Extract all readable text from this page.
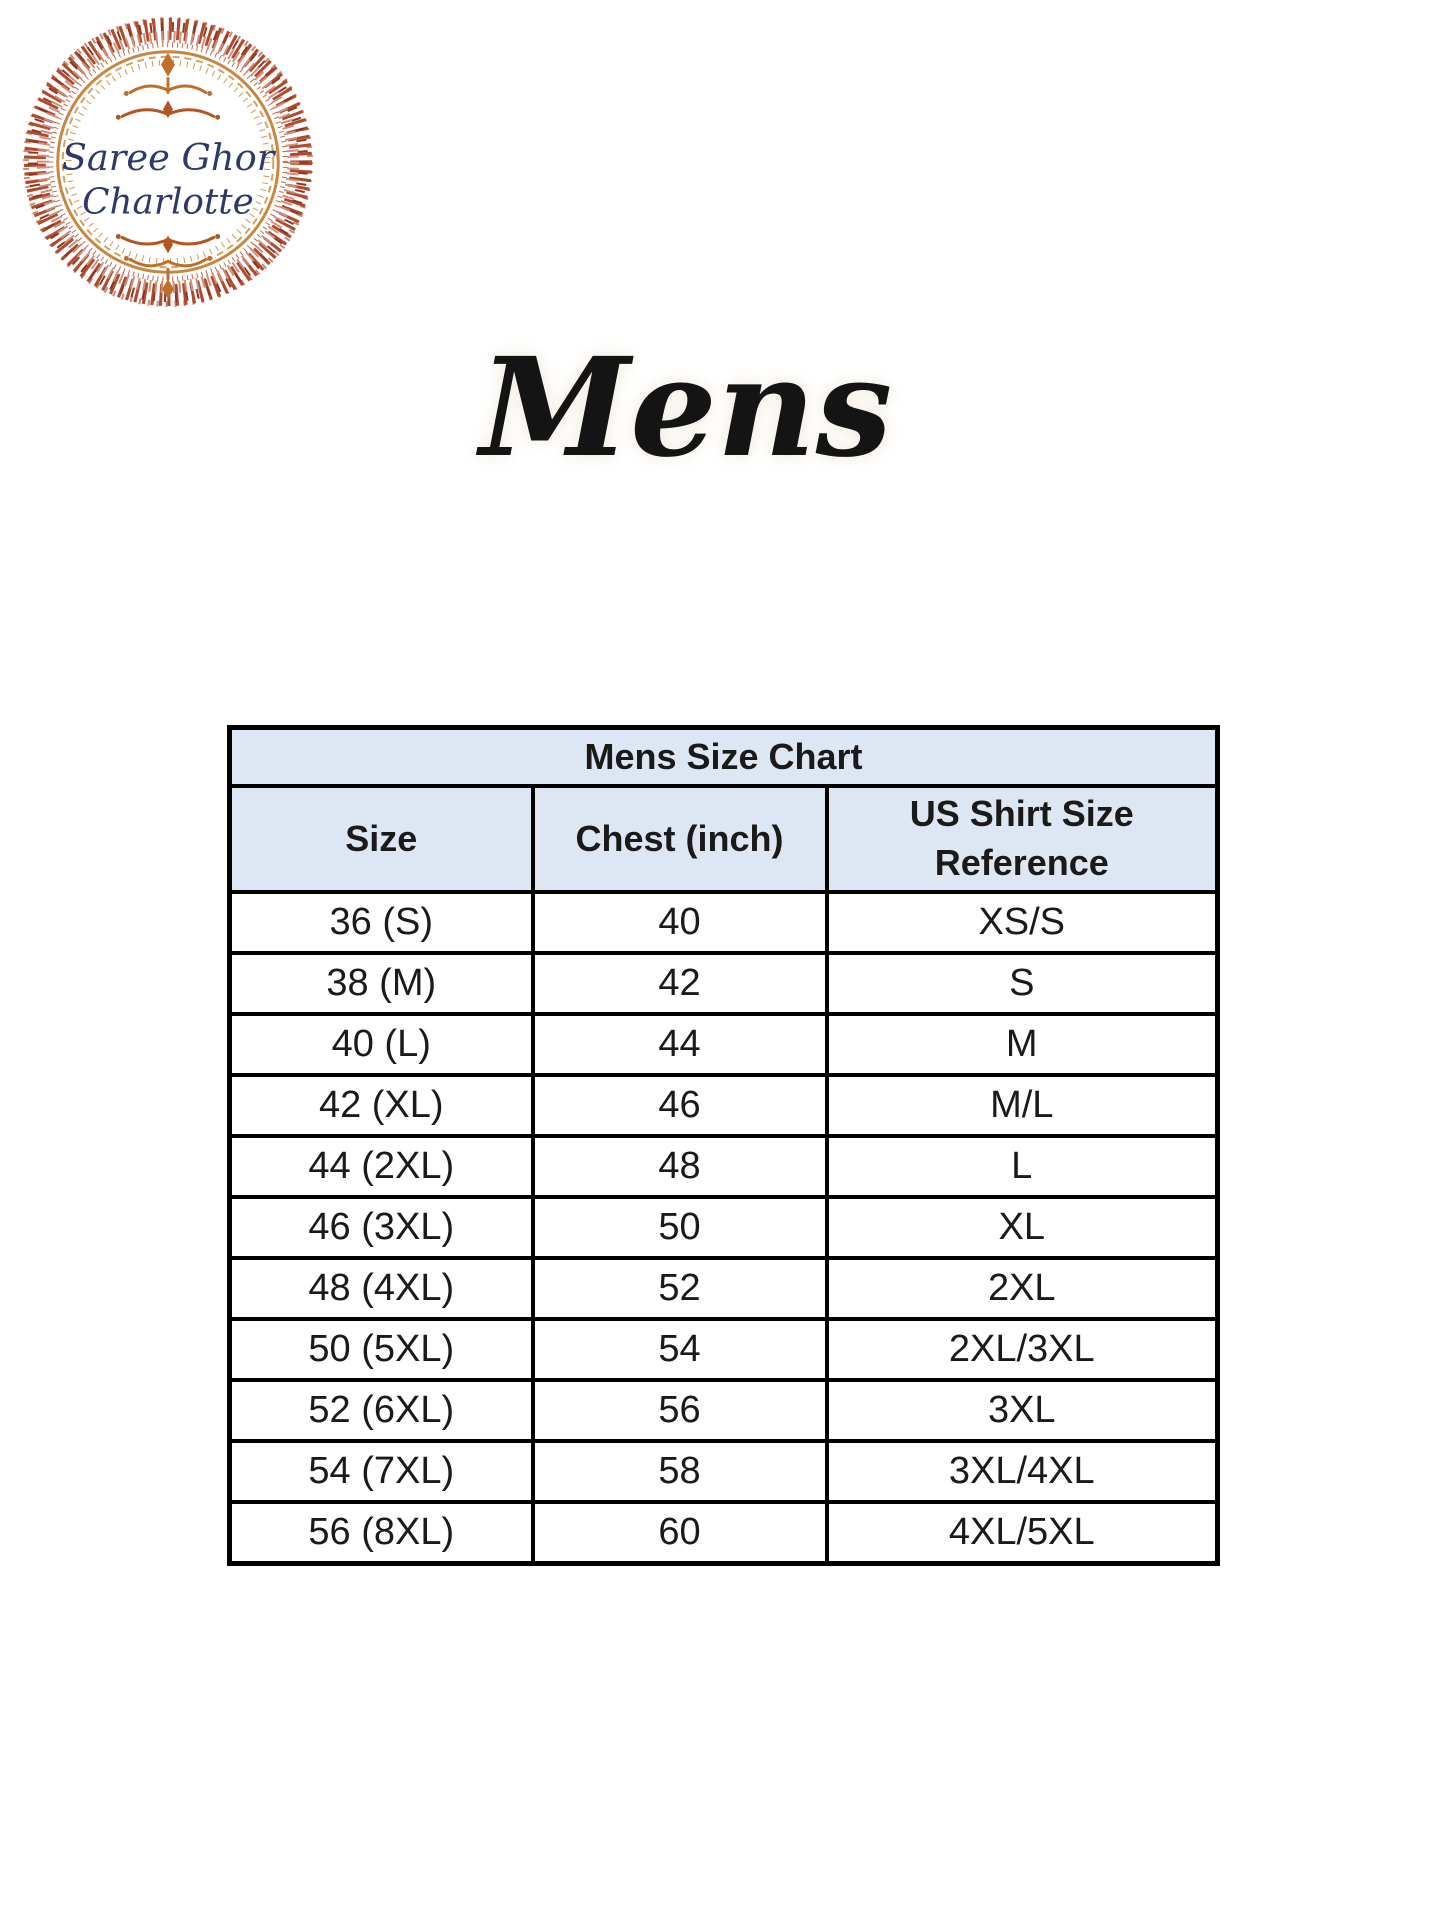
Saree Ghor
Charlotte
Mens
Mens Size Chart		
Size	Chest (inch)	US Shirt Size Reference
36 (S)	40	XS/S
38 (M)	42	S
40 (L)	44	M
42 (XL)	46	M/L
44 (2XL)	48	L
46 (3XL)	50	XL
48 (4XL)	52	2XL
50 (5XL)	54	2XL/3XL
52 (6XL)	56	3XL
54 (7XL)	58	3XL/4XL
56 (8XL)	60	4XL/5XL
